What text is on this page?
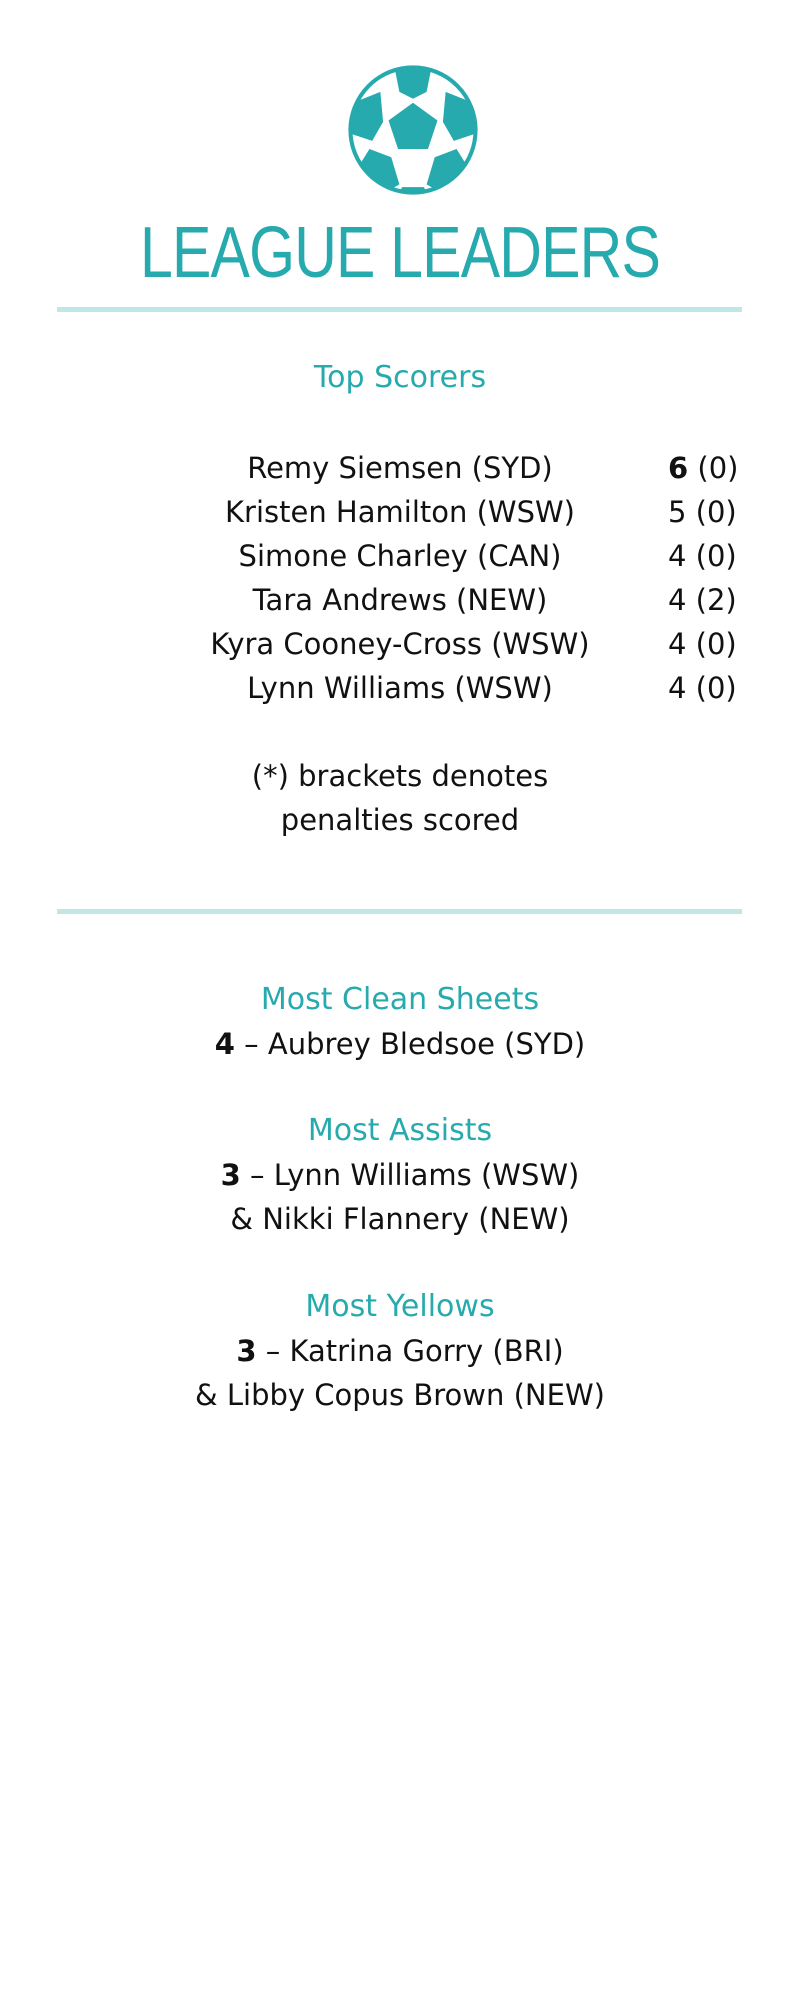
LEAGUE LEADERS
Top Scorers
Remy Siemsen (SYD)	6 (0)
Kristen Hamilton (WSW)	5 (0)
Simone Charley (CAN)	4 (0)
Tara Andrews (NEW)	4 (2)
Kyra Cooney-Cross (WSW)	4 (0)
Lynn Williams (WSW)	4 (0)
(*) brackets denotes
penalties scored
Most Clean Sheets
4 – Aubrey Bledsoe (SYD)
Most Assists
3 – Lynn Williams (WSW)
& Nikki Flannery (NEW)
Most Yellows
3 – Katrina Gorry (BRI)
& Libby Copus Brown (NEW)
